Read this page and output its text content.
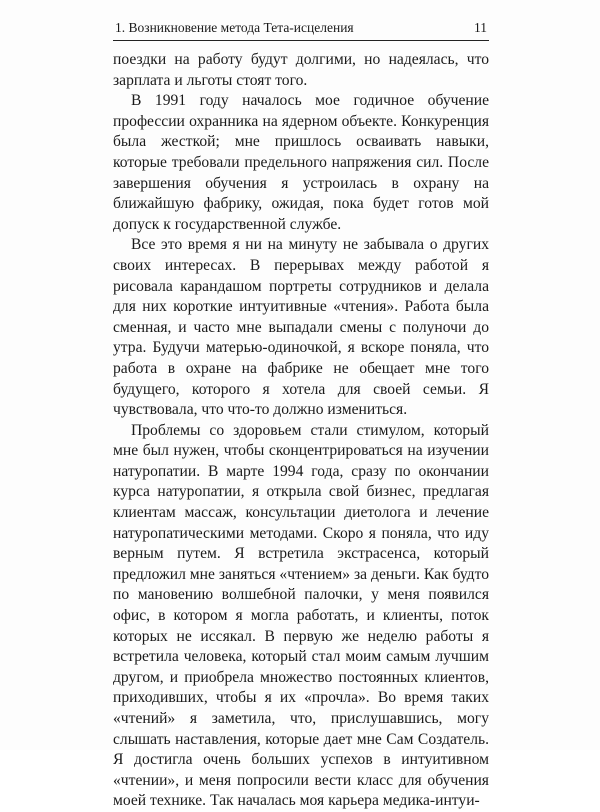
1. Возникновение метода Тета-исцеления	11

поездки на работу будут долгими, но надеялась, что зарплата и льготы стоят того.

В 1991 году началось мое годичное обучение профессии охранника на ядерном объекте. Конкуренция была жесткой; мне пришлось осваивать навыки, которые требовали предельного напряжения сил. После завершения обучения я устроилась в охрану на ближайшую фабрику, ожидая, пока будет готов мой допуск к государственной службе.

Все это время я ни на минуту не забывала о других своих интересах. В перерывах между работой я рисовала карандашом портреты сотрудников и делала для них короткие интуитивные «чтения». Работа была сменная, и часто мне выпадали смены с полуночи до утра. Будучи матерью-одиночкой, я вскоре поняла, что работа в охране на фабрике не обещает мне того будущего, которого я хотела для своей семьи. Я чувствовала, что что-то должно измениться.

Проблемы со здоровьем стали стимулом, который мне был нужен, чтобы сконцентрироваться на изучении натуропатии. В марте 1994 года, сразу по окончании курса натуропатии, я открыла свой бизнес, предлагая клиентам массаж, консультации диетолога и лечение натуропатическими методами. Скоро я поняла, что иду верным путем. Я встретила экстрасенса, который предложил мне заняться «чтением» за деньги. Как будто по мановению волшебной палочки, у меня появился офис, в котором я могла работать, и клиенты, поток которых не иссякал. В первую же неделю работы я встретила человека, который стал моим самым лучшим другом, и приобрела множество постоянных клиентов, приходивших, чтобы я их «прочла». Во время таких «чтений» я заметила, что, прислушавшись, могу слышать наставления, которые дает мне Сам Создатель. Я достигла очень больших успехов в интуитивном «чтении», и меня попросили вести класс для обучения моей технике. Так началась моя карьера медика-интуи-
